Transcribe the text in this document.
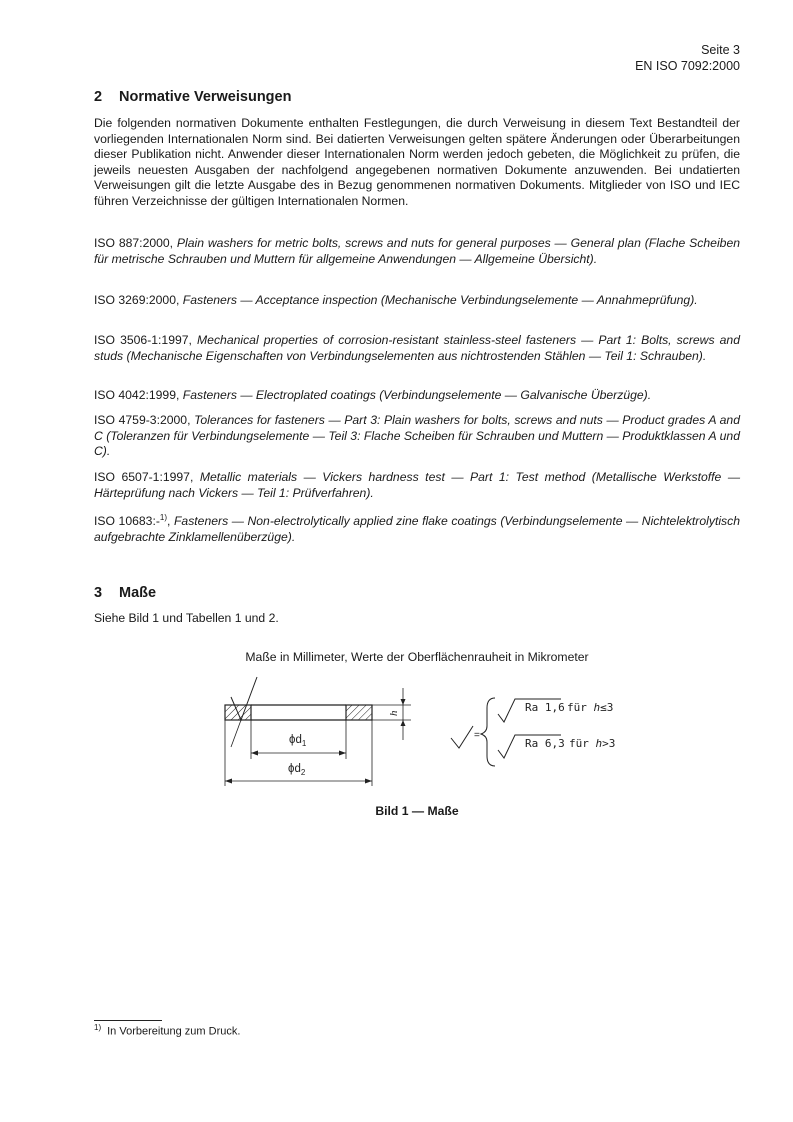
Seite 3
EN ISO 7092:2000
2 Normative Verweisungen
Die folgenden normativen Dokumente enthalten Festlegungen, die durch Verweisung in diesem Text Bestandteil der vorliegenden Internationalen Norm sind. Bei datierten Verweisungen gelten spätere Änderungen oder Überarbeitungen dieser Publikation nicht. Anwender dieser Internationalen Norm werden jedoch gebeten, die Möglichkeit zu prüfen, die jeweils neuesten Ausgaben der nachfolgend angegebenen normativen Dokumente anzuwenden. Bei undatierten Verweisungen gilt die letzte Ausgabe des in Bezug genommenen normativen Dokuments. Mitglieder von ISO und IEC führen Verzeichnisse der gültigen Internationalen Normen.
ISO 887:2000, Plain washers for metric bolts, screws and nuts for general purposes — General plan (Flache Scheiben für metrische Schrauben und Muttern für allgemeine Anwendungen — Allgemeine Übersicht).
ISO 3269:2000, Fasteners — Acceptance inspection (Mechanische Verbindungselemente — Annahmeprüfung).
ISO 3506-1:1997, Mechanical properties of corrosion-resistant stainless-steel fasteners — Part 1: Bolts, screws and studs (Mechanische Eigenschaften von Verbindungselementen aus nichtrostenden Stählen — Teil 1: Schrauben).
ISO 4042:1999, Fasteners — Electroplated coatings (Verbindungselemente — Galvanische Überzüge).
ISO 4759-3:2000, Tolerances for fasteners — Part 3: Plain washers for bolts, screws and nuts — Product grades A and C (Toleranzen für Verbindungselemente — Teil 3: Flache Scheiben für Schrauben und Muttern — Produktklassen A und C).
ISO 6507-1:1997, Metallic materials — Vickers hardness test — Part 1: Test method (Metallische Werkstoffe — Härteprüfung nach Vickers — Teil 1: Prüfverfahren).
ISO 10683:-$^{1)}$, Fasteners — Non-electrolytically applied zine flake coatings (Verbindungselemente — Nichtelektrolytisch aufgebrachte Zinklamellenüberzüge).
3 Maße
Siehe Bild 1 und Tabellen 1 und 2.
Maße in Millimeter, Werte der Oberflächenrauheit in Mikrometer
h
$\phi d_1$
$\phi d_2$
=
Ra 1,6 für h≤3
Ra 6,3 für h>3
Bild 1 — Maße
$^{1)}$ In Vorbereitung zum Druck.
